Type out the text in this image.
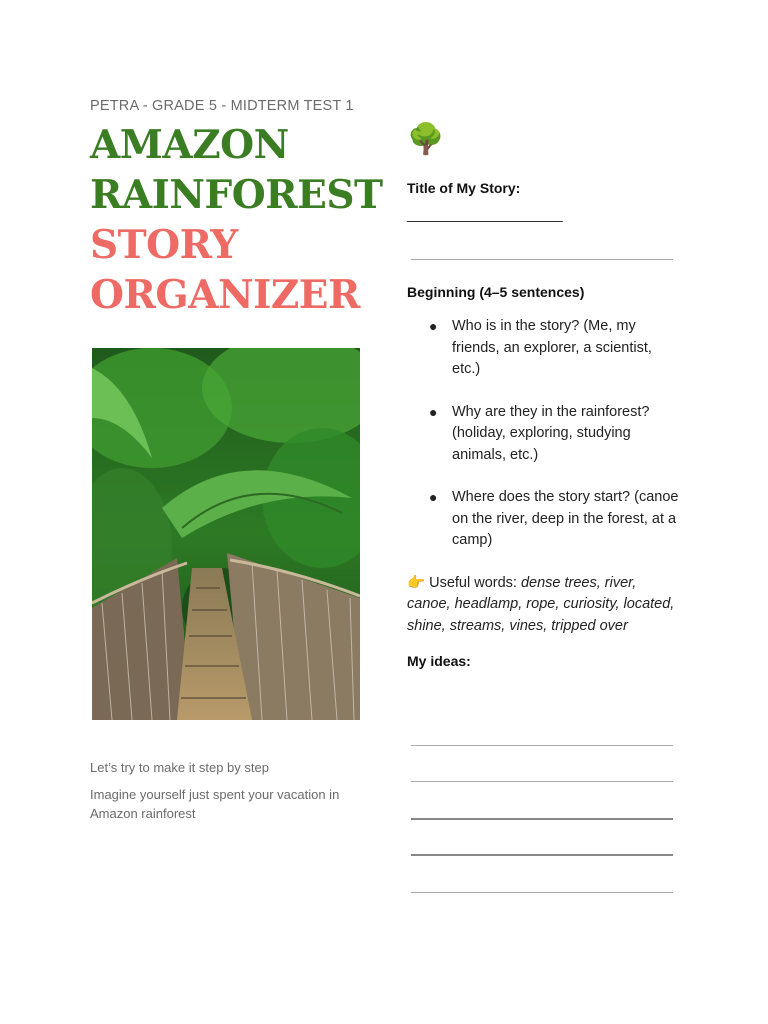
PETRA - GRADE 5 - MIDTERM TEST 1

AMAZON

RAINFOREST

STORY

ORGANIZER

Let’s try to make it step by step
Imagine yourself just spent your vacation in Amazon rainforest
🌳

Title of My Story:

____________________

Beginning (4–5 sentences)

● Who is in the story? (Me, my friends, an explorer, a scientist, etc.)
● Why are they in the rainforest? (holiday, exploring, studying animals, etc.)
● Where does the story start? (canoe on the river, deep in the forest, at a camp)
👉 Useful words: dense trees, river, canoe, headlamp, rope, curiosity, located, shine, streams, vines, tripped over

My ideas:
